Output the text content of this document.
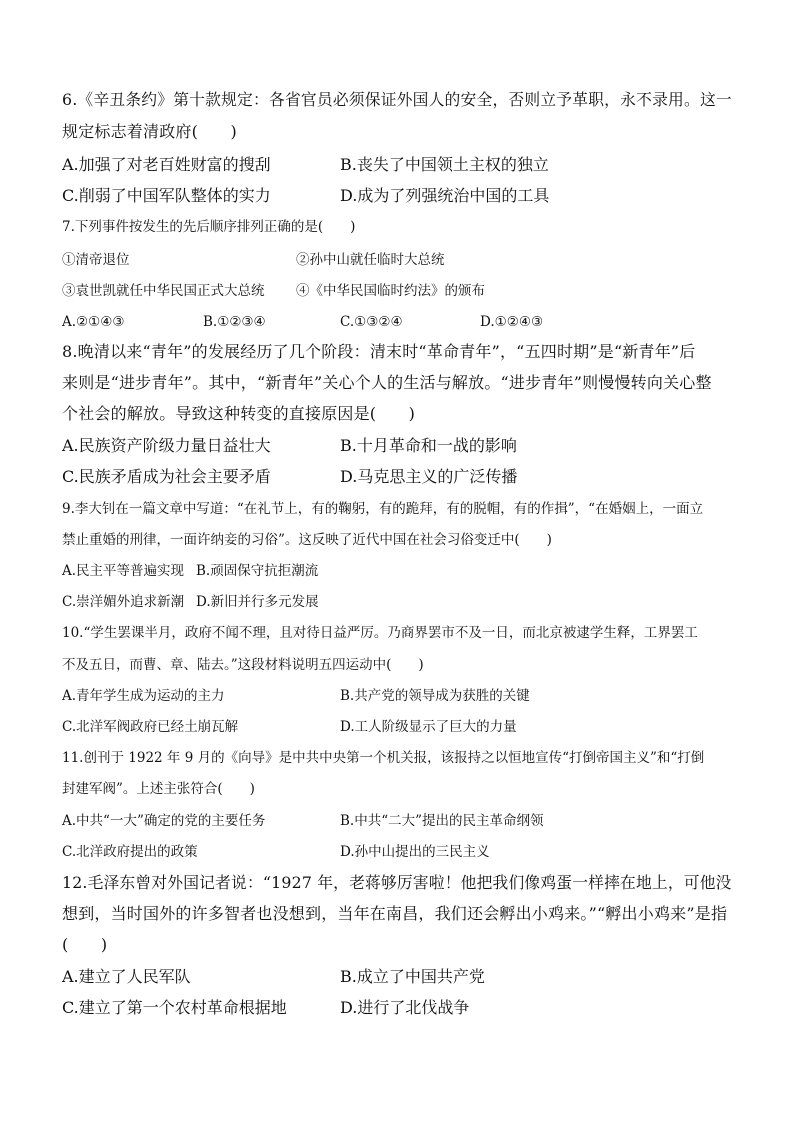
6.《辛丑条约》第十款规定：各省官员必须保证外国人的安全，否则立予革职，永不录用。这一
规定标志着清政府(　　)
A.加强了对老百姓财富的搜刮	B.丧失了中国领土主权的独立
C.削弱了中国军队整体的实力	D.成为了列强统治中国的工具
7.下列事件按发生的先后顺序排列正确的是(　　)
①清帝退位	②孙中山就任临时大总统
③袁世凯就任中华民国正式大总统 ④《中华民国临时约法》的颁布
A.②①④③	B.①②③④	C.①③②④	D.①②④③
8.晚清以来“青年”的发展经历了几个阶段：清末时“革命青年”，“五四时期”是“新青年”后
来则是“进步青年”。其中，“新青年”关心个人的生活与解放。“进步青年”则慢慢转向关心整
个社会的解放。导致这种转变的直接原因是(　　)
A.民族资产阶级力量日益壮大	B.十月革命和一战的影响
C.民族矛盾成为社会主要矛盾	D.马克思主义的广泛传播
9.李大钊在一篇文章中写道：“在礼节上，有的鞠躬，有的跪拜，有的脱帽，有的作揖”，“在婚姻上，一面立
禁止重婚的刑律，一面许纳妾的习俗”。这反映了近代中国在社会习俗变迁中(　　)
A.民主平等普遍实现 B.顽固保守抗拒潮流
C.崇洋媚外追求新潮 D.新旧并行多元发展
10.“学生罢课半月，政府不闻不理，且对待日益严厉。乃商界罢市不及一日，而北京被逮学生释，工界罢工
不及五日，而曹、章、陆去。”这段材料说明五四运动中(　　)
A.青年学生成为运动的主力	B.共产党的领导成为获胜的关键
C.北洋军阀政府已经土崩瓦解	D.工人阶级显示了巨大的力量
11.创刊于 1922 年 9 月的《向导》是中共中央第一个机关报，该报持之以恒地宣传“打倒帝国主义”和“打倒
封建军阀”。上述主张符合(　　)
A.中共“一大”确定的党的主要任务	B.中共“二大”提出的民主革命纲领
C.北洋政府提出的政策	D.孙中山提出的三民主义
12.毛泽东曾对外国记者说：“1927 年，老蒋够厉害啦！他把我们像鸡蛋一样摔在地上，可他没
想到，当时国外的许多智者也没想到，当年在南昌，我们还会孵出小鸡来。”“孵出小鸡来”是指
(　　)
A.建立了人民军队	B.成立了中国共产党
C.建立了第一个农村革命根据地	D.进行了北伐战争
